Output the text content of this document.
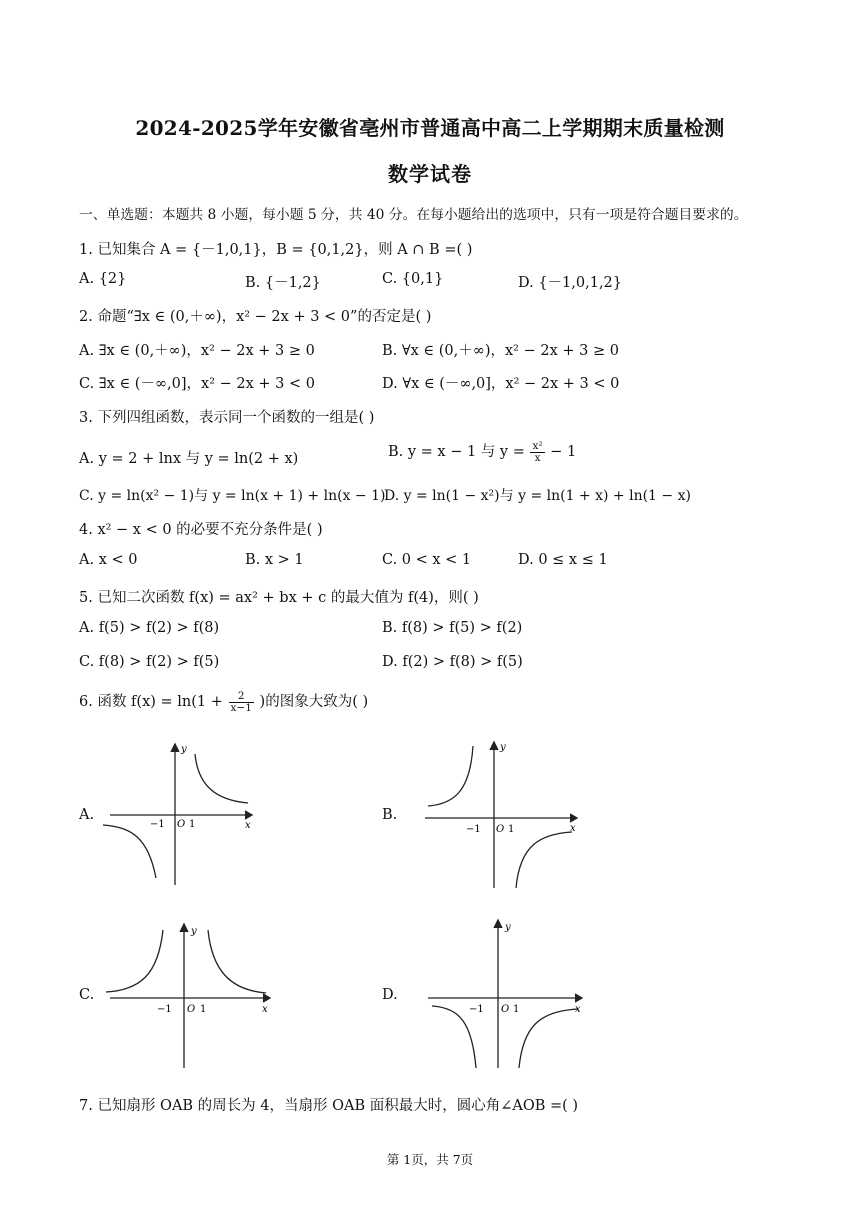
2024-2025学年安徽省亳州市普通高中高二上学期期末质量检测
数学试卷
一、单选题：本题共 8 小题，每小题 5 分，共 40 分。在每小题给出的选项中，只有一项是符合题目要求的。
1. 已知集合 A = {－1,0,1}，B = {0,1,2}，则 A ∩ B =( )
A. {2}	B. {－1,2}	C. {0,1}	D. {－1,0,1,2}
2. 命题“∃x ∈ (0,＋∞)，x² − 2x + 3 < 0”的否定是( )
A. ∃x ∈ (0,＋∞)，x² − 2x + 3 ≥ 0	B. ∀x ∈ (0,＋∞)，x² − 2x + 3 ≥ 0
C. ∃x ∈ (－∞,0]，x² − 2x + 3 < 0	D. ∀x ∈ (－∞,0]，x² − 2x + 3 < 0
3. 下列四组函数，表示同一个函数的一组是( )
A. y = 2 + lnx 与 y = ln(2 + x)	B. y = x − 1 与 $y = \frac{\text{x²}}{x} - 1$
C. y = ln(x² − 1)与 y = ln(x + 1) + ln(x − 1)
D. y = ln(1 − x²)与 y = ln(1 + x) + ln(1 − x)
4. x² − x < 0 的必要不充分条件是( )
A. x < 0	B. x > 1	C. 0 < x < 1	D. 0 ≤ x ≤ 1
5. 已知二次函数 f(x) = ax² + bx + c 的最大值为 f(4)，则( )
A. f(5) > f(2) > f(8)	B. f(8) > f(5) > f(2)
C. f(8) > f(2) > f(5)	D. f(2) > f(8) > f(5)
6. 函数 $f(x) = \ln(1 + \frac{2}{x-1}$ )的图象大致为( )
A.	B.
C.	D.
y
x
O 1
−1
y
x
O 1
−1
y
x
O 1
−1
y
x
O 1
−1
7. 已知扇形 OAB 的周长为 4，当扇形 OAB 面积最大时，圆心角∠AOB =( )
第 1页，共 7页
